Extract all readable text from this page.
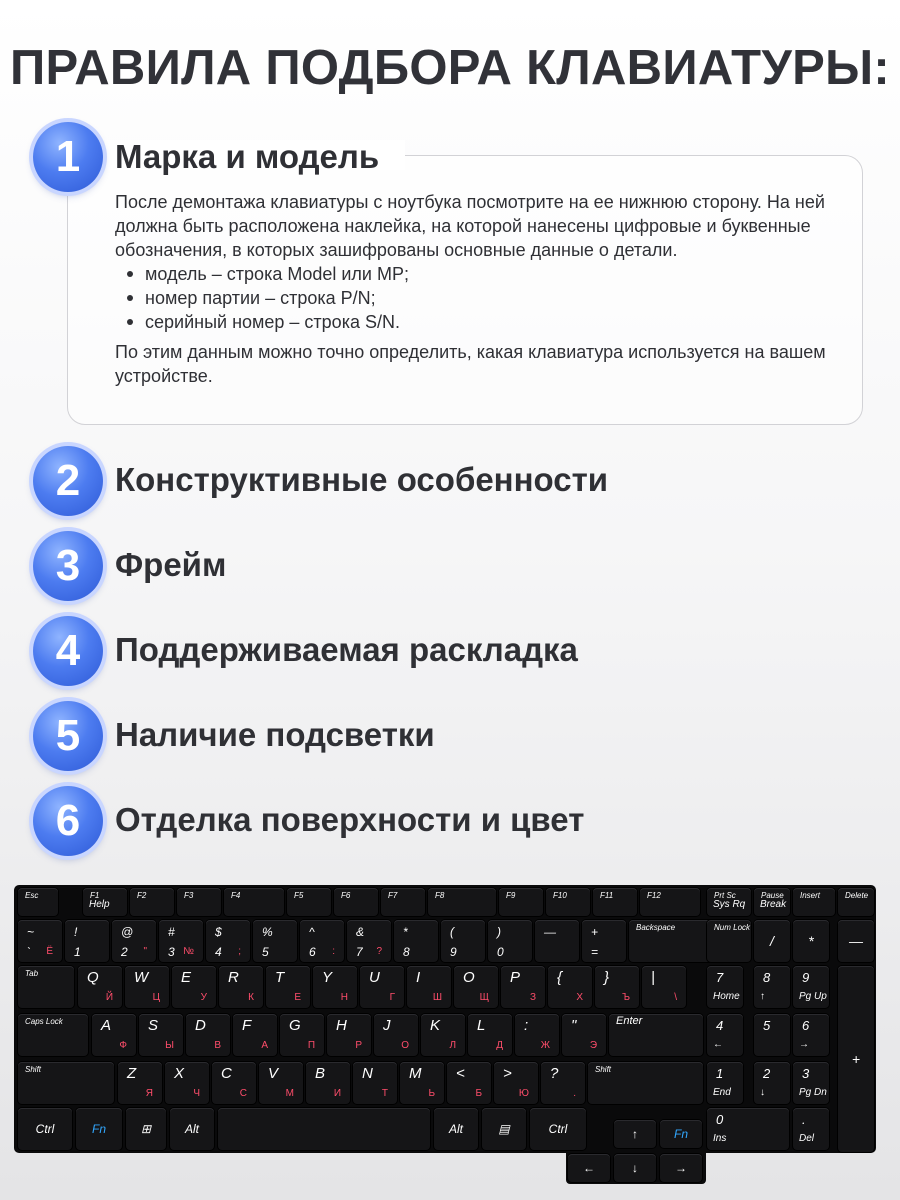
ПРАВИЛА ПОДБОРА КЛАВИАТУРЫ:
1	Марка и модель

После демонтажа клавиатуры с ноутбука посмотрите на ее нижнюю сторону. На ней должна быть расположена наклейка, на которой нанесены цифровые и буквенные обозначения, в которых зашифрованы основные данные о детали.

модель – строка Model или MP;
номер партии – строка P/N;
серийный номер – строка S/N.

По этим данным можно точно определить, какая клавиатура используется на вашем устройстве.

2	Конструктивные особенности
3	Фрейм
4	Поддерживаемая раскладка
5	Наличие подсветки
6	Отделка поверхности и цвет
Esc	F1
Help
F2	F3	F4	F5	F6	F7	F8	F9	F10	F11	F12	Prt Sc
Sys Rq
Pause
Break
Insert	Delete
~
` Ё
!
1
@
2 "
#
3 №
$
4 ;
%
5
^
6 :
&
7 ?
*
8
(
9
)
0
—	+
=
Backspace	Num Lock
Tab	Q
Й
W
Ц
E
У
R
К
T
Е
Y
Н
U
Г
I
Ш
O
Щ
P
З
{
Х
}
Ъ
|
\
Caps Lock	A
Ф
S
Ы
D
В
F
А
G
П
H
Р
J
О
K
Л
L
Д
:
Ж
"
Э
Enter
Shift	Z
Я
X
Ч
C
С
V
М
B
И
N
Т
M
Ь
<
Б
>
Ю
?
.
Shift
Ctrl	Fn	⊞	Alt	Alt	▤	Ctrl	Fn
↑
←	↓	→
7
Home
8
↑
9
Pg Up
4
←
5 6
→
1
End
2
↓
3
Pg Dn
0
Ins
.
Del
/	*	—
+
